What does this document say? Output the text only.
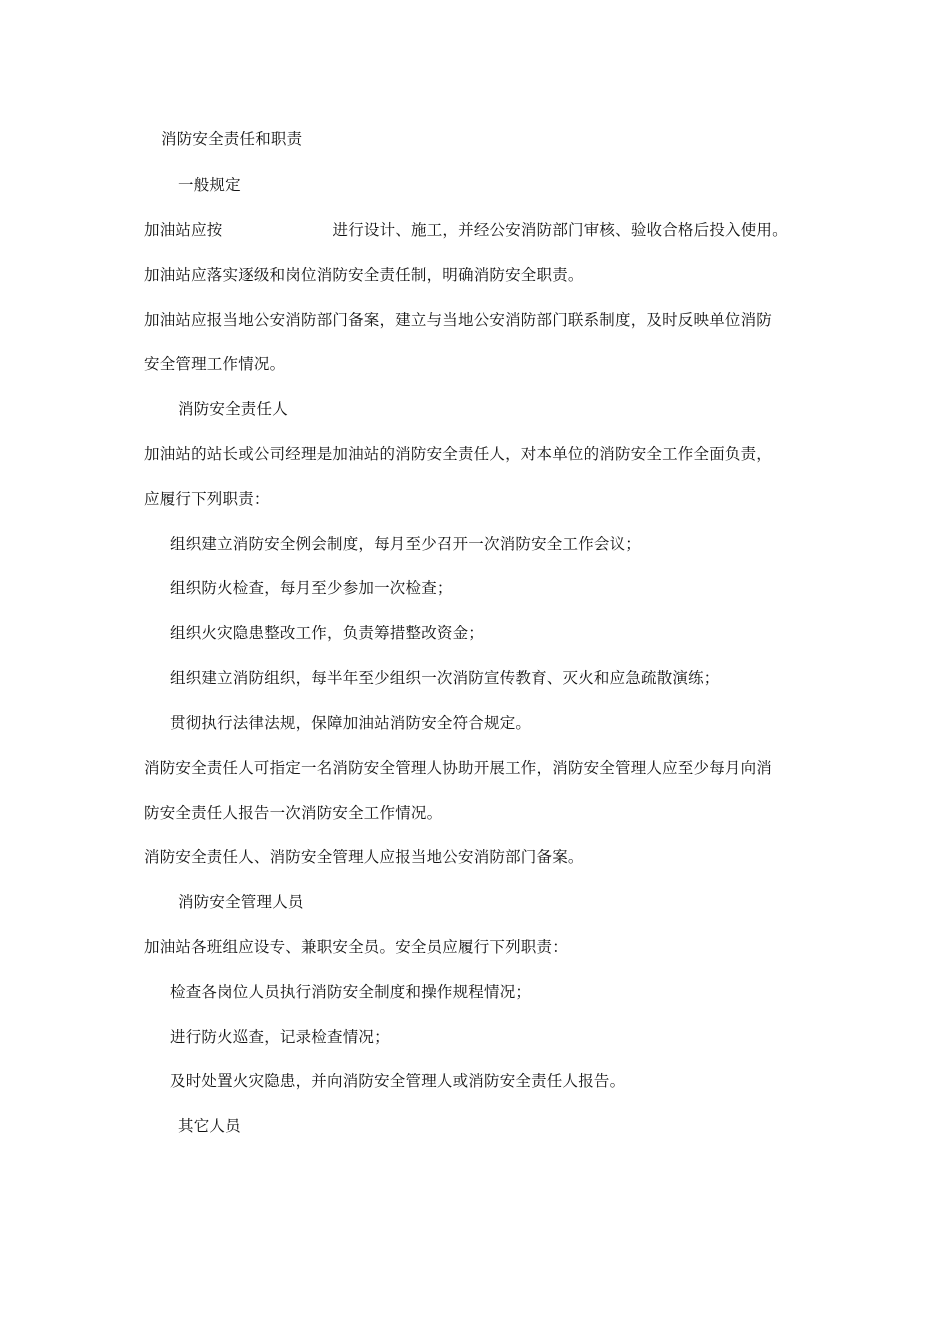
消防安全责任和职责
一般规定
加油站应按	进行设计、施工，并经公安消防部门审核、验收合格后投入使用。
加油站应落实逐级和岗位消防安全责任制，明确消防安全职责。
加油站应报当地公安消防部门备案，建立与当地公安消防部门联系制度，及时反映单位消防
安全管理工作情况。
消防安全责任人
加油站的站长或公司经理是加油站的消防安全责任人，对本单位的消防安全工作全面负责，
应履行下列职责：
组织建立消防安全例会制度，每月至少召开一次消防安全工作会议；
组织防火检查，每月至少参加一次检查；
组织火灾隐患整改工作，负责筹措整改资金；
组织建立消防组织，每半年至少组织一次消防宣传教育、灭火和应急疏散演练；
贯彻执行法律法规，保障加油站消防安全符合规定。
消防安全责任人可指定一名消防安全管理人协助开展工作，消防安全管理人应至少每月向消
防安全责任人报告一次消防安全工作情况。
消防安全责任人、消防安全管理人应报当地公安消防部门备案。
消防安全管理人员
加油站各班组应设专、兼职安全员。安全员应履行下列职责：
检查各岗位人员执行消防安全制度和操作规程情况；
进行防火巡查，记录检查情况；
及时处置火灾隐患，并向消防安全管理人或消防安全责任人报告。
其它人员
